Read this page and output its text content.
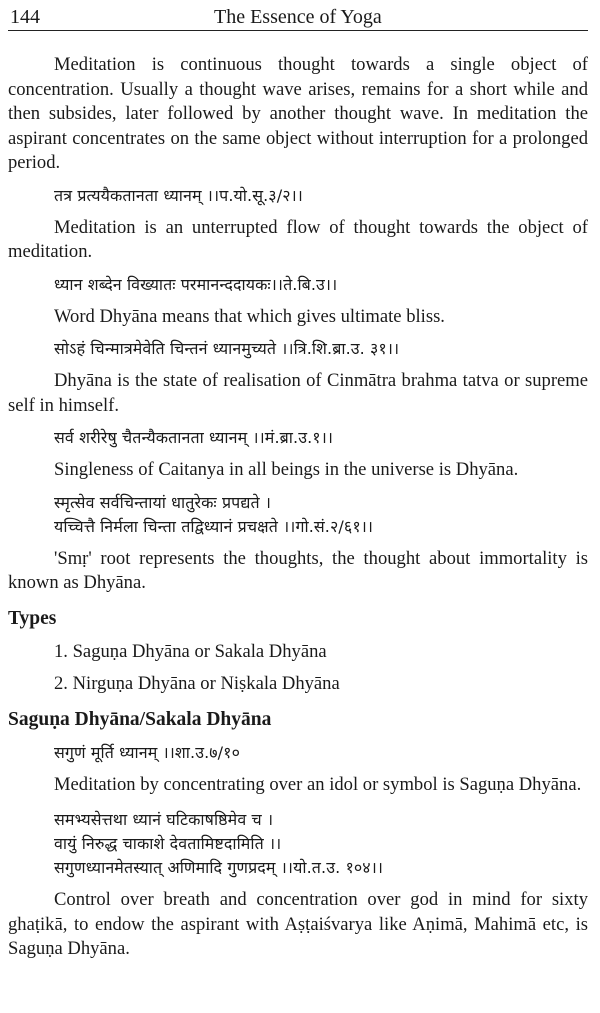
144	The Essence of Yoga

Meditation is continuous thought towards a single object of concentration. Usually a thought wave arises, remains for a short while and then subsides, later followed by another thought wave. In meditation the aspirant concentrates on the same object without interruption for a prolonged period.

तत्र प्रत्ययैकतानता ध्यानम् ।।प.यो.सू.३/२।।

Meditation is an unterrupted flow of thought towards the object of meditation.

ध्यान शब्देन विख्यातः परमानन्ददायकः।।ते.बि.उ।।

Word Dhyāna means that which gives ultimate bliss.

सोऽहं चिन्मात्रमेवेति चिन्तनं ध्यानमुच्यते ।।त्रि.शि.ब्रा.उ. ३१।।

Dhyāna is the state of realisation of Cinmātra brahma tatva or supreme self in himself.

सर्व शरीरेषु चैतन्यैकतानता ध्यानम् ।।मं.ब्रा.उ.१।।

Singleness of Caitanya in all beings in the universe is Dhyāna.

स्मृत्सेव सर्वचिन्तायां धातुरेकः प्रपद्यते ।

यच्चित्तै निर्मला चिन्ता तद्विध्यानं प्रचक्षते ।।गो.सं.२/६१।।

'Smṛ' root represents the thoughts, the thought about immortality is known as Dhyāna.

Types

1. Saguṇa Dhyāna or Sakala Dhyāna

2. Nirguṇa Dhyāna or Niṣkala Dhyāna

Saguṇa Dhyāna/Sakala Dhyāna

सगुणं मूर्ति ध्यानम् ।।शा.उ.७/१०

Meditation by concentrating over an idol or symbol is Saguṇa Dhyāna.

समभ्यसेत्तथा ध्यानं घटिकाषष्ठिमेव च ।

वायुं निरुद्ध चाकाशे देवतामिष्टदामिति ।।

सगुणध्यानमेतस्यात् अणिमादि गुणप्रदम् ।।यो.त.उ. १०४।।

Control over breath and concentration over god in mind for sixty ghaṭikā, to endow the aspirant with Aṣṭaiśvarya like Aṇimā, Mahimā etc, is Saguṇa Dhyāna.
